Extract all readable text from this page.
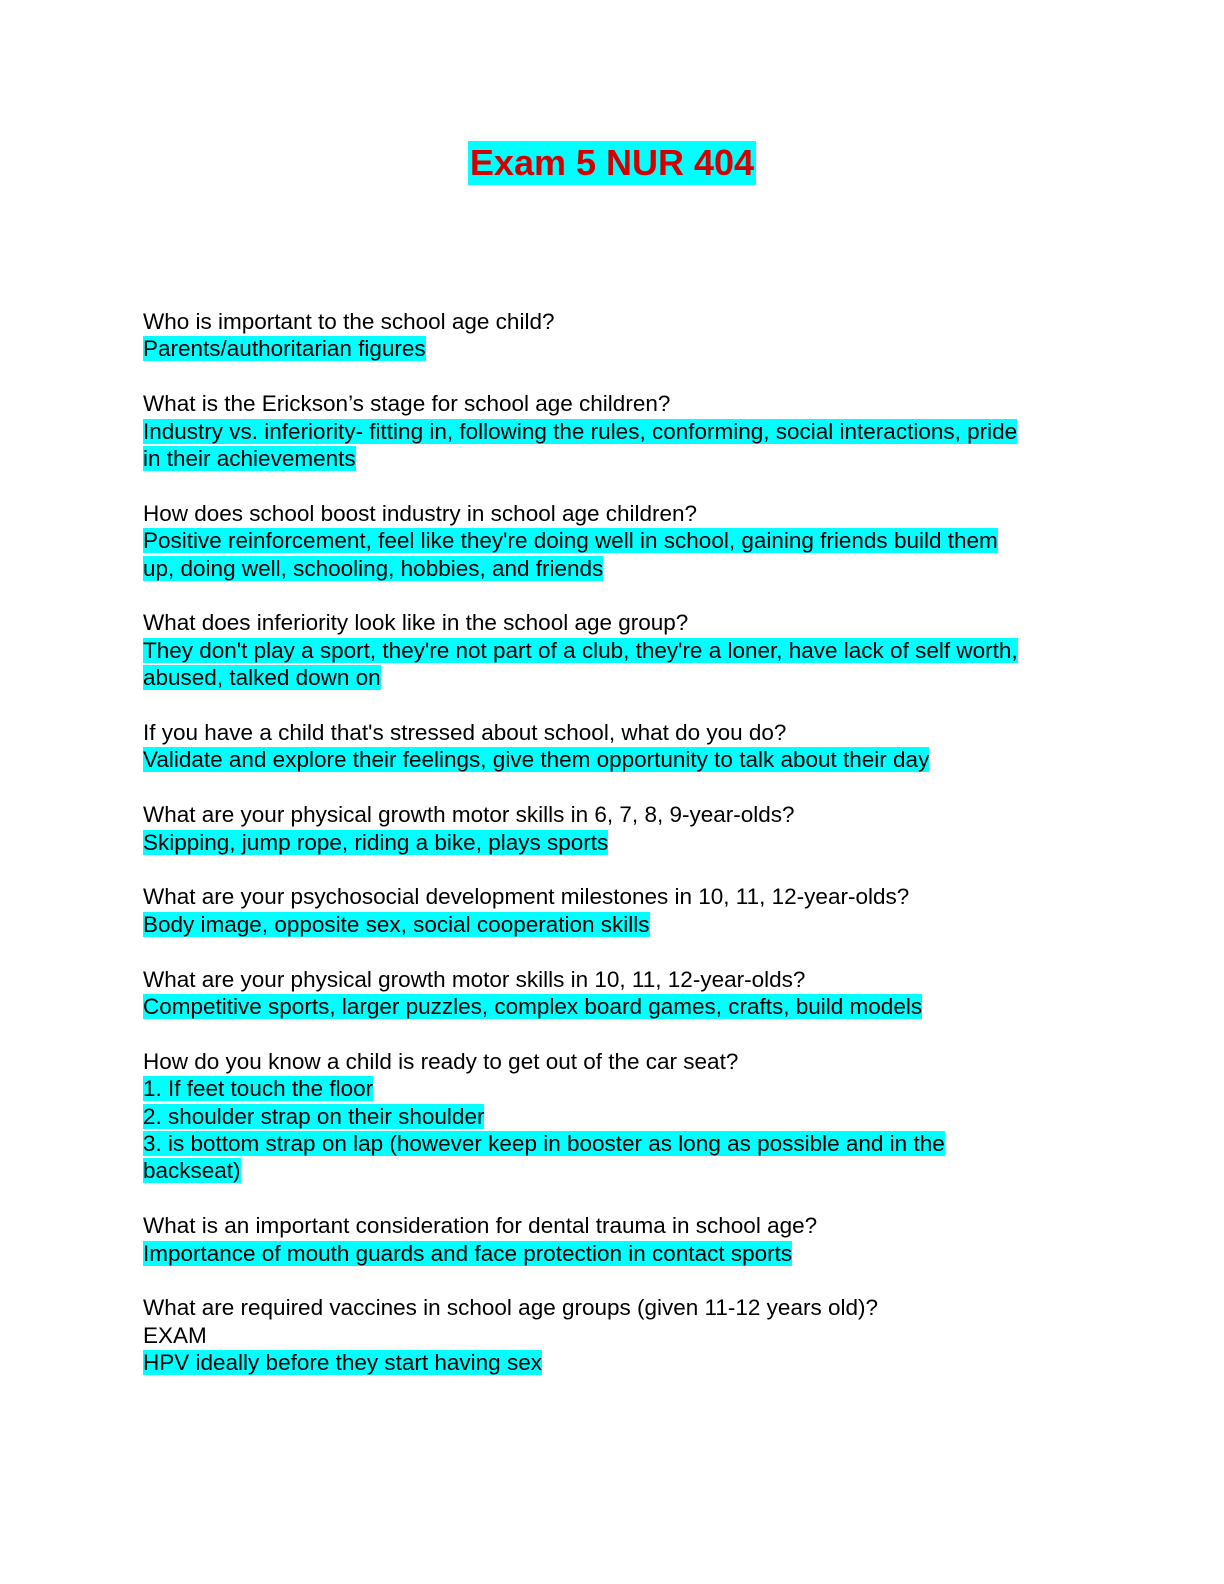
Exam 5 NUR 404
Who is important to the school age child?
Parents/authoritarian figures
What is the Erickson’s stage for school age children?
Industry vs. inferiority- fitting in, following the rules, conforming, social interactions, pride
in their achievements
How does school boost industry in school age children?
Positive reinforcement, feel like they're doing well in school, gaining friends build them
up, doing well, schooling, hobbies, and friends
What does inferiority look like in the school age group?
They don't play a sport, they're not part of a club, they're a loner, have lack of self worth,
abused, talked down on
If you have a child that's stressed about school, what do you do?
Validate and explore their feelings, give them opportunity to talk about their day
What are your physical growth motor skills in 6, 7, 8, 9-year-olds?
Skipping, jump rope, riding a bike, plays sports
What are your psychosocial development milestones in 10, 11, 12-year-olds?
Body image, opposite sex, social cooperation skills
What are your physical growth motor skills in 10, 11, 12-year-olds?
Competitive sports, larger puzzles, complex board games, crafts, build models
How do you know a child is ready to get out of the car seat?
1. If feet touch the floor
2. shoulder strap on their shoulder
3. is bottom strap on lap (however keep in booster as long as possible and in the
backseat)
What is an important consideration for dental trauma in school age?
Importance of mouth guards and face protection in contact sports
What are required vaccines in school age groups (given 11-12 years old)?
EXAM
HPV ideally before they start having sex
